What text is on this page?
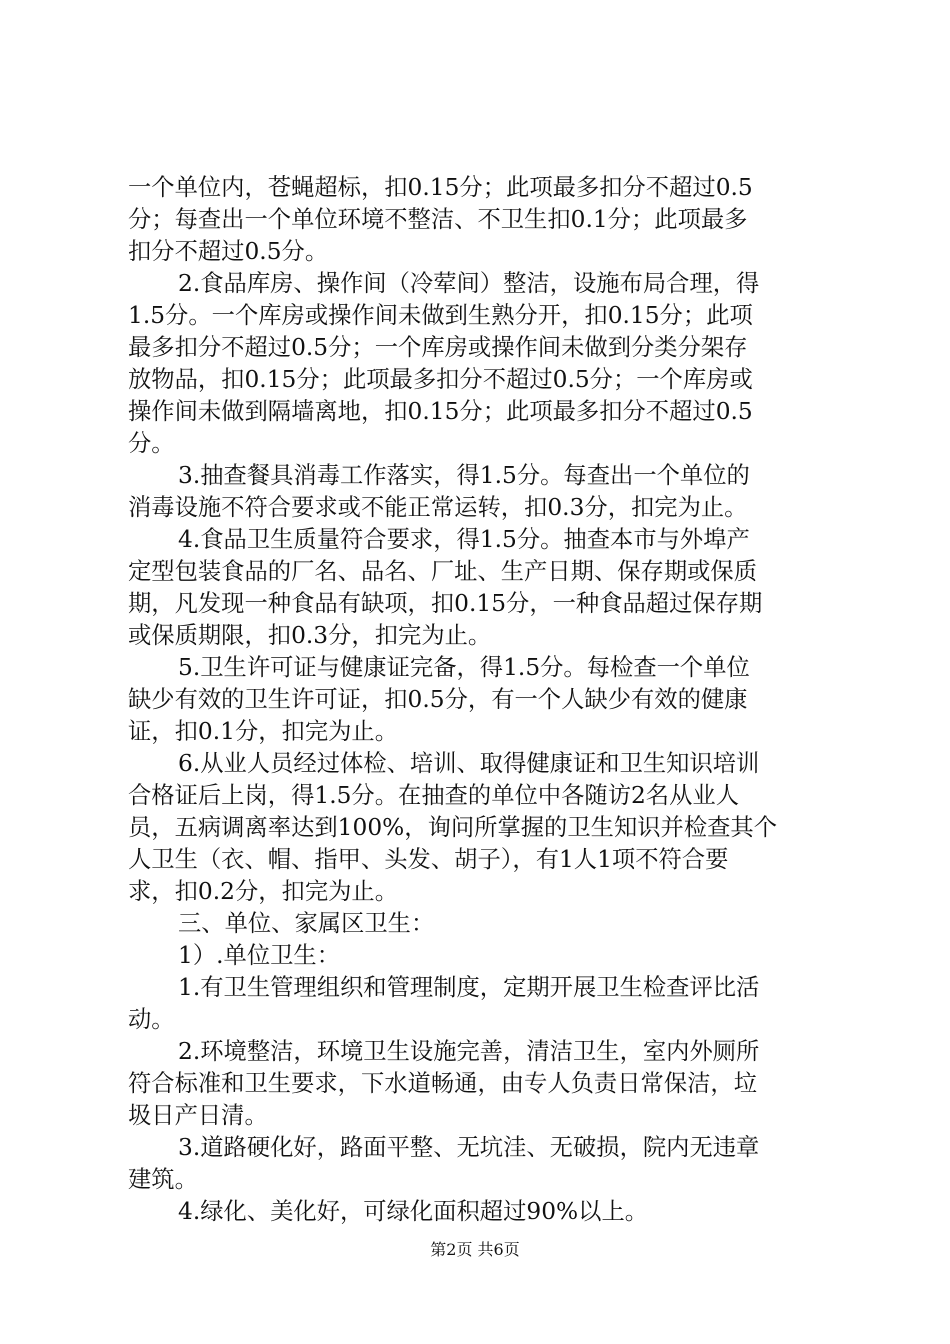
一个单位内，苍蝇超标，扣0.15分；此项最多扣分不超过0.5
分；每查出一个单位环境不整洁、不卫生扣0.1分；此项最多
扣分不超过0.5分。
2.食品库房、操作间（冷荤间）整洁，设施布局合理，得
1.5分。一个库房或操作间未做到生熟分开，扣0.15分；此项
最多扣分不超过0.5分；一个库房或操作间未做到分类分架存
放物品，扣0.15分；此项最多扣分不超过0.5分；一个库房或
操作间未做到隔墙离地，扣0.15分；此项最多扣分不超过0.5
分。
3.抽查餐具消毒工作落实，得1.5分。每查出一个单位的
消毒设施不符合要求或不能正常运转，扣0.3分，扣完为止。
4.食品卫生质量符合要求，得1.5分。抽查本市与外埠产
定型包装食品的厂名、品名、厂址、生产日期、保存期或保质
期，凡发现一种食品有缺项，扣0.15分，一种食品超过保存期
或保质期限，扣0.3分，扣完为止。
5.卫生许可证与健康证完备，得1.5分。每检查一个单位
缺少有效的卫生许可证，扣0.5分，有一个人缺少有效的健康
证，扣0.1分，扣完为止。
6.从业人员经过体检、培训、取得健康证和卫生知识培训
合格证后上岗，得1.5分。在抽查的单位中各随访2名从业人
员，五病调离率达到100%，询问所掌握的卫生知识并检查其个
人卫生（衣、帽、指甲、头发、胡子），有1人1项不符合要
求，扣0.2分，扣完为止。
三、单位、家属区卫生：
1）.单位卫生：
1.有卫生管理组织和管理制度，定期开展卫生检查评比活
动。
2.环境整洁，环境卫生设施完善，清洁卫生，室内外厕所
符合标准和卫生要求，下水道畅通，由专人负责日常保洁，垃
圾日产日清。
3.道路硬化好，路面平整、无坑洼、无破损，院内无违章
建筑。
4.绿化、美化好，可绿化面积超过90%以上。
第2页 共6页
